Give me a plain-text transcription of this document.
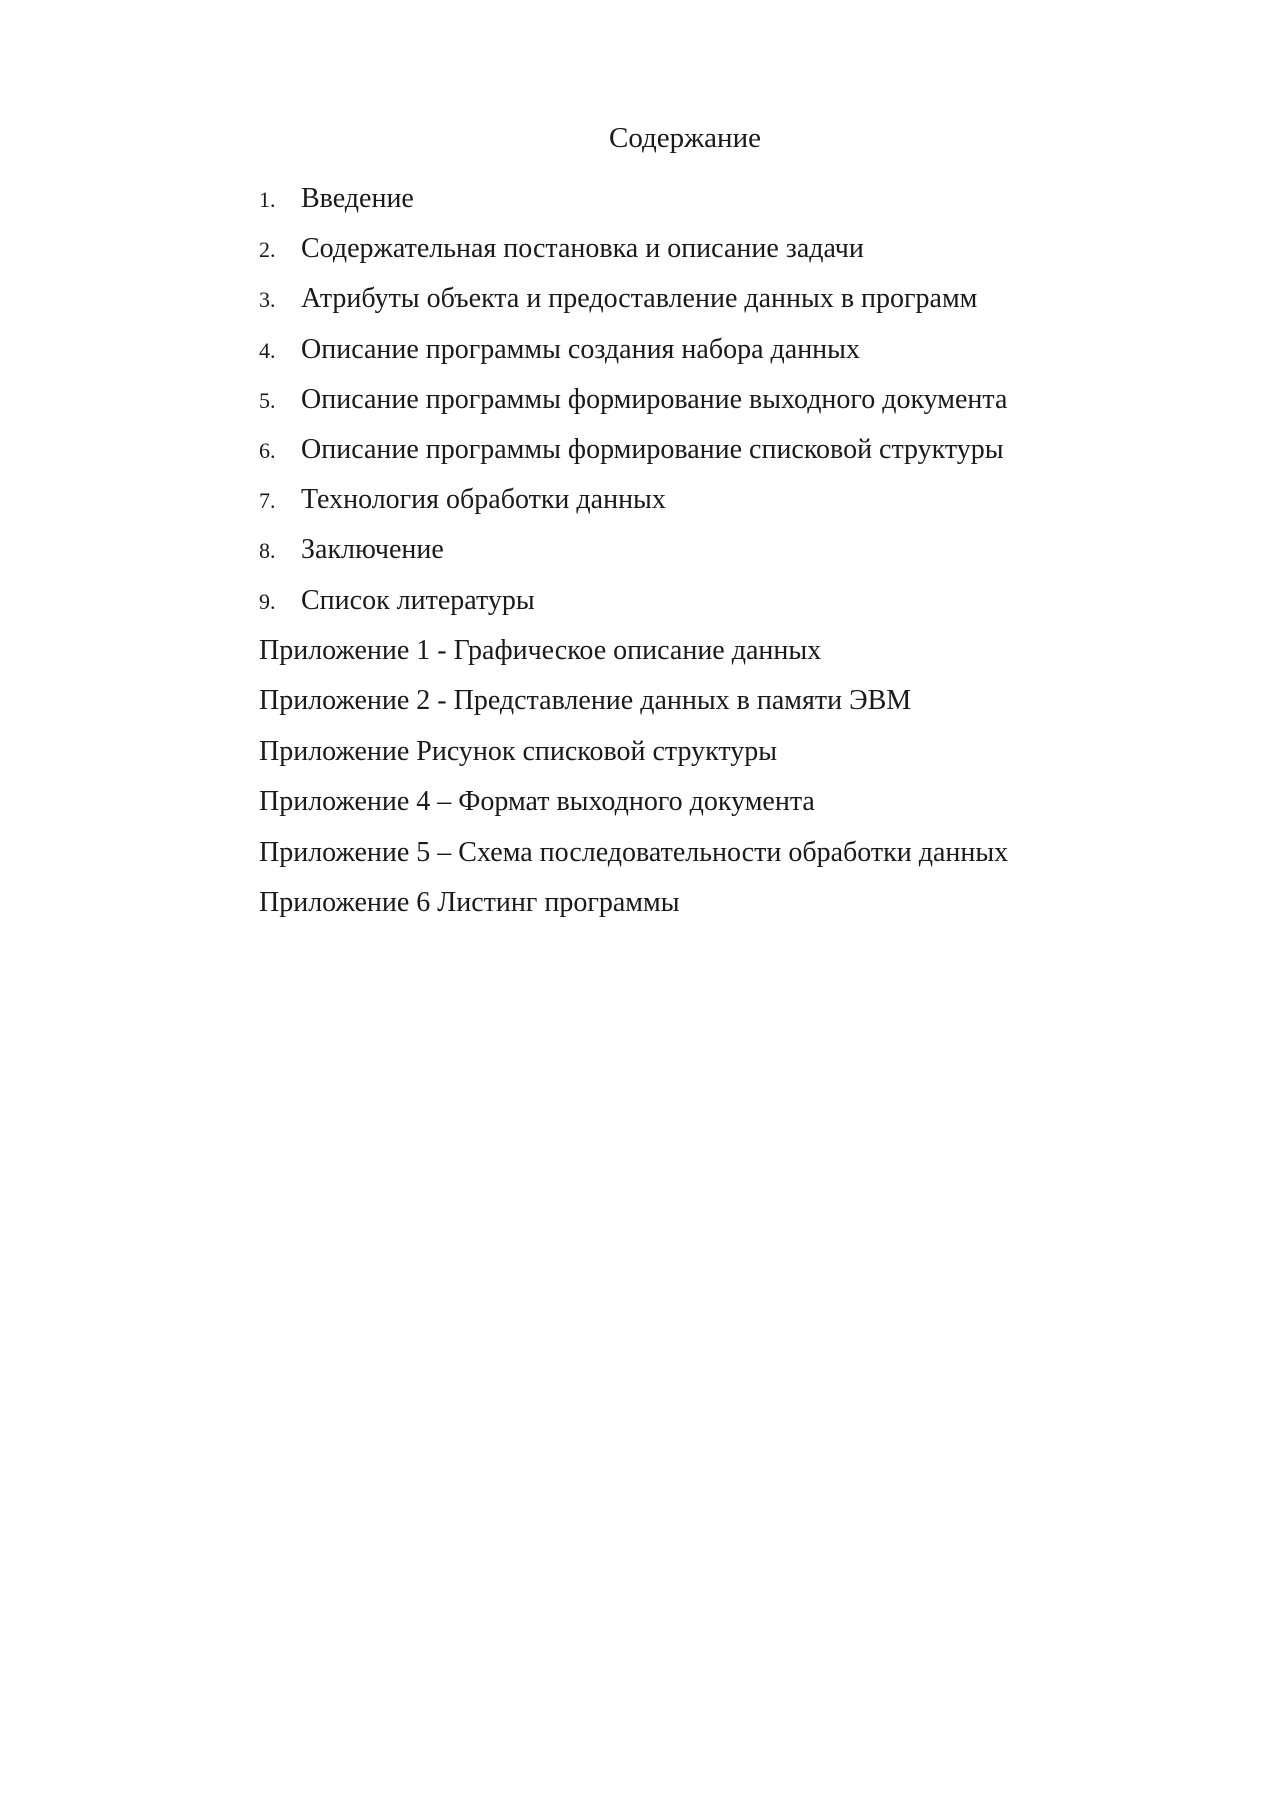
Содержание
1. Введение
2. Содержательная постановка и описание задачи
3. Атрибуты объекта и предоставление данных в программ
4. Описание программы создания набора данных
5. Описание программы формирование выходного документа
6. Описание программы формирование списковой структуры
7. Технология обработки данных
8. Заключение
9. Список литературы
Приложение 1 - Графическое описание данных
Приложение 2 - Представление данных в памяти ЭВМ
Приложение Рисунок списковой структуры
Приложение 4 – Формат выходного документа
Приложение 5 – Схема последовательности обработки данных
Приложение 6 Листинг программы
